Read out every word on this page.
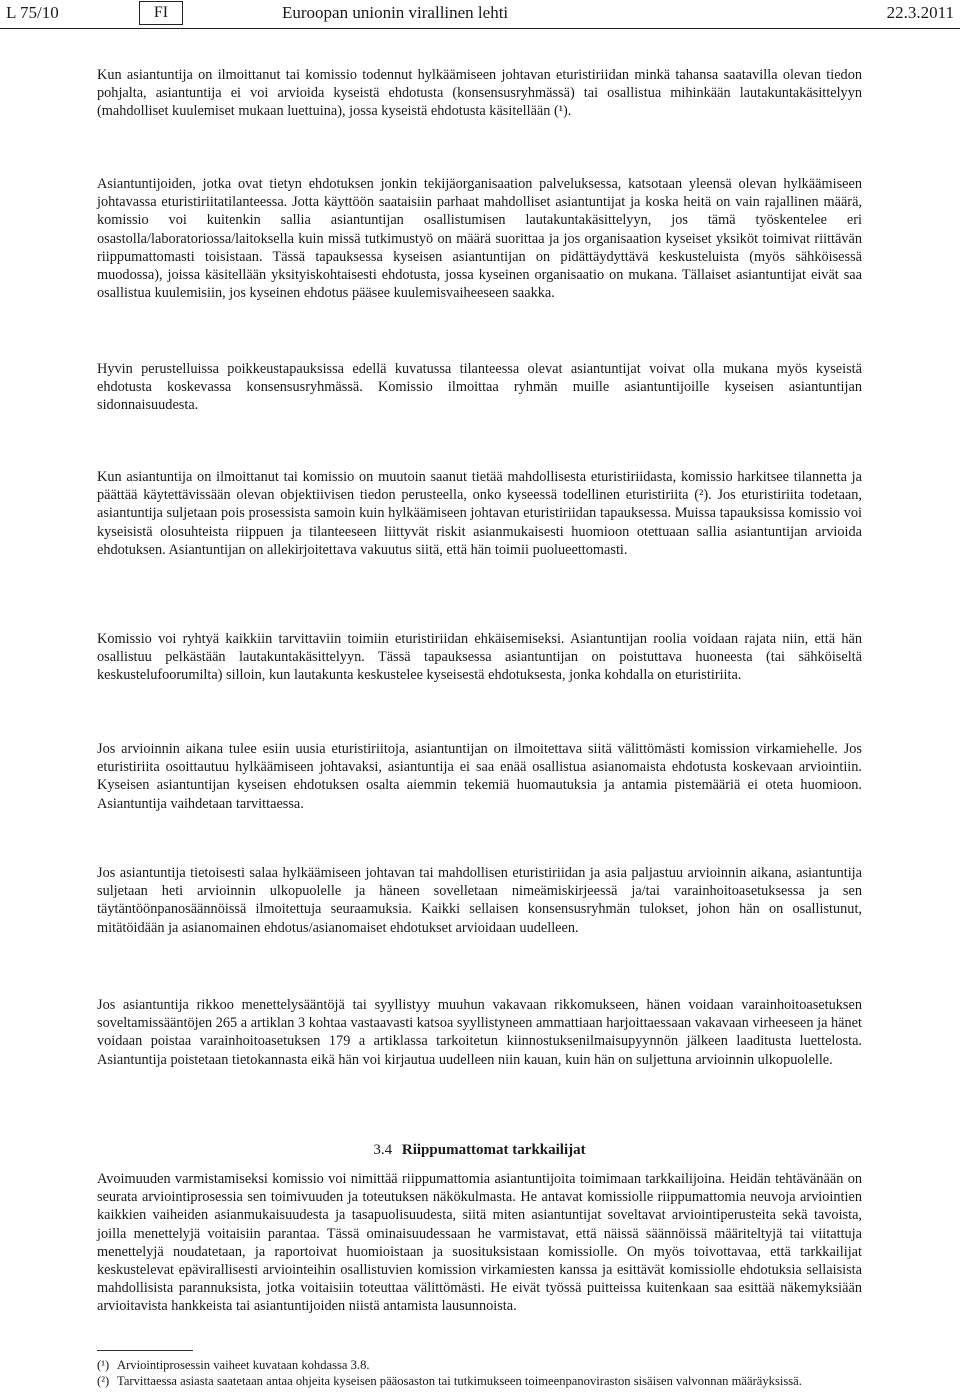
L 75/10	FI	Euroopan unionin virallinen lehti	22.3.2011

Kun asiantuntija on ilmoittanut tai komissio todennut hylkäämiseen johtavan eturistiriidan minkä tahansa saatavilla olevan tiedon pohjalta, asiantuntija ei voi arvioida kyseistä ehdotusta (konsensusryhmässä) tai osallistua mihinkään lautakuntakäsittelyyn (mahdolliset kuulemiset mukaan luettuina), jossa kyseistä ehdotusta käsitellään (¹).

Asiantuntijoiden, jotka ovat tietyn ehdotuksen jonkin tekijäorganisaation palveluksessa, katsotaan yleensä olevan hylkäämiseen johtavassa eturistiriitatilanteessa. Jotta käyttöön saataisiin parhaat mahdolliset asiantuntijat ja koska heitä on vain rajallinen määrä, komissio voi kuitenkin sallia asiantuntijan osallistumisen lautakuntakäsittelyyn, jos tämä työskentelee eri osastolla/laboratoriossa/laitoksella kuin missä tutkimustyö on määrä suorittaa ja jos organisaation kyseiset yksiköt toimivat riittävän riippumattomasti toisistaan. Tässä tapauksessa kyseisen asiantuntijan on pidättäydyttävä keskusteluista (myös sähköisessä muodossa), joissa käsitellään yksityiskohtaisesti ehdotusta, jossa kyseinen organisaatio on mukana. Tällaiset asiantuntijat eivät saa osallistua kuulemisiin, jos kyseinen ehdotus pääsee kuulemisvaiheeseen saakka.

Hyvin perustelluissa poikkeustapauksissa edellä kuvatussa tilanteessa olevat asiantuntijat voivat olla mukana myös kyseistä ehdotusta koskevassa konsensusryhmässä. Komissio ilmoittaa ryhmän muille asiantuntijoille kyseisen asiantuntijan sidonnaisuudesta.

Kun asiantuntija on ilmoittanut tai komissio on muutoin saanut tietää mahdollisesta eturistiriidasta, komissio harkitsee tilannetta ja päättää käytettävissään olevan objektiivisen tiedon perusteella, onko kyseessä todellinen eturistiriita (²). Jos eturistiriita todetaan, asiantuntija suljetaan pois prosessista samoin kuin hylkäämiseen johtavan eturistiriidan tapauksessa. Muissa tapauksissa komissio voi kyseisistä olosuhteista riippuen ja tilanteeseen liittyvät riskit asianmukaisesti huomioon otettuaan sallia asiantuntijan arvioida ehdotuksen. Asiantuntijan on allekirjoitettava vakuutus siitä, että hän toimii puolueettomasti.

Komissio voi ryhtyä kaikkiin tarvittaviin toimiin eturistiriidan ehkäisemiseksi. Asiantuntijan roolia voidaan rajata niin, että hän osallistuu pelkästään lautakuntakäsittelyyn. Tässä tapauksessa asiantuntijan on poistuttava huoneesta (tai sähköiseltä keskustelufoorumilta) silloin, kun lautakunta keskustelee kyseisestä ehdotuksesta, jonka kohdalla on eturistiriita.

Jos arvioinnin aikana tulee esiin uusia eturistiriitoja, asiantuntijan on ilmoitettava siitä välittömästi komission virkamiehelle. Jos eturistiriita osoittautuu hylkäämiseen johtavaksi, asiantuntija ei saa enää osallistua asianomaista ehdotusta koskevaan arviointiin. Kyseisen asiantuntijan kyseisen ehdotuksen osalta aiemmin tekemiä huomautuksia ja antamia pistemääriä ei oteta huomioon. Asiantuntija vaihdetaan tarvittaessa.

Jos asiantuntija tietoisesti salaa hylkäämiseen johtavan tai mahdollisen eturistiriidan ja asia paljastuu arvioinnin aikana, asiantuntija suljetaan heti arvioinnin ulkopuolelle ja häneen sovelletaan nimeämiskirjeessä ja/tai varainhoitoasetuksessa ja sen täytäntöönpanosäännöissä ilmoitettuja seuraamuksia. Kaikki sellaisen konsensusryhmän tulokset, johon hän on osallistunut, mitätöidään ja asianomainen ehdotus/asianomaiset ehdotukset arvioidaan uudelleen.

Jos asiantuntija rikkoo menettelysääntöjä tai syyllistyy muuhun vakavaan rikkomukseen, hänen voidaan varainhoitoasetuksen soveltamissääntöjen 265 a artiklan 3 kohtaa vastaavasti katsoa syyllistyneen ammattiaan harjoittaessaan vakavaan virheeseen ja hänet voidaan poistaa varainhoitoasetuksen 179 a artiklassa tarkoitetun kiinnostuksenilmaisupyynnön jälkeen laaditusta luettelosta. Asiantuntija poistetaan tietokannasta eikä hän voi kirjautua uudelleen niin kauan, kuin hän on suljettuna arvioinnin ulkopuolelle.

3.4 Riippumattomat tarkkailijat

Avoimuuden varmistamiseksi komissio voi nimittää riippumattomia asiantuntijoita toimimaan tarkkailijoina. Heidän tehtävänään on seurata arviointiprosessia sen toimivuuden ja toteutuksen näkökulmasta. He antavat komissiolle riippumattomia neuvoja arviointien kaikkien vaiheiden asianmukaisuudesta ja tasapuolisuudesta, siitä miten asiantuntijat soveltavat arviointiperusteita sekä tavoista, joilla menettelyjä voitaisiin parantaa. Tässä ominaisuudessaan he varmistavat, että näissä säännöissä määriteltyjä tai viitattuja menettelyjä noudatetaan, ja raportoivat huomioistaan ja suosituksistaan komissiolle. On myös toivottavaa, että tarkkailijat keskustelevat epävirallisesti arviointeihin osallistuvien komission virkamiesten kanssa ja esittävät komissiolle ehdotuksia sellaisista mahdollisista parannuksista, jotka voitaisiin toteuttaa välittömästi. He eivät työssä puitteissa kuitenkaan saa esittää näkemyksiään arvioitavista hankkeista tai asiantuntijoiden niistä antamista lausunnoista.

(¹) Arviointiprosessin vaiheet kuvataan kohdassa 3.8.
(²) Tarvittaessa asiasta saatetaan antaa ohjeita kyseisen pääosaston tai tutkimukseen toimeenpanoviraston sisäisen valvonnan määräyksissä.
